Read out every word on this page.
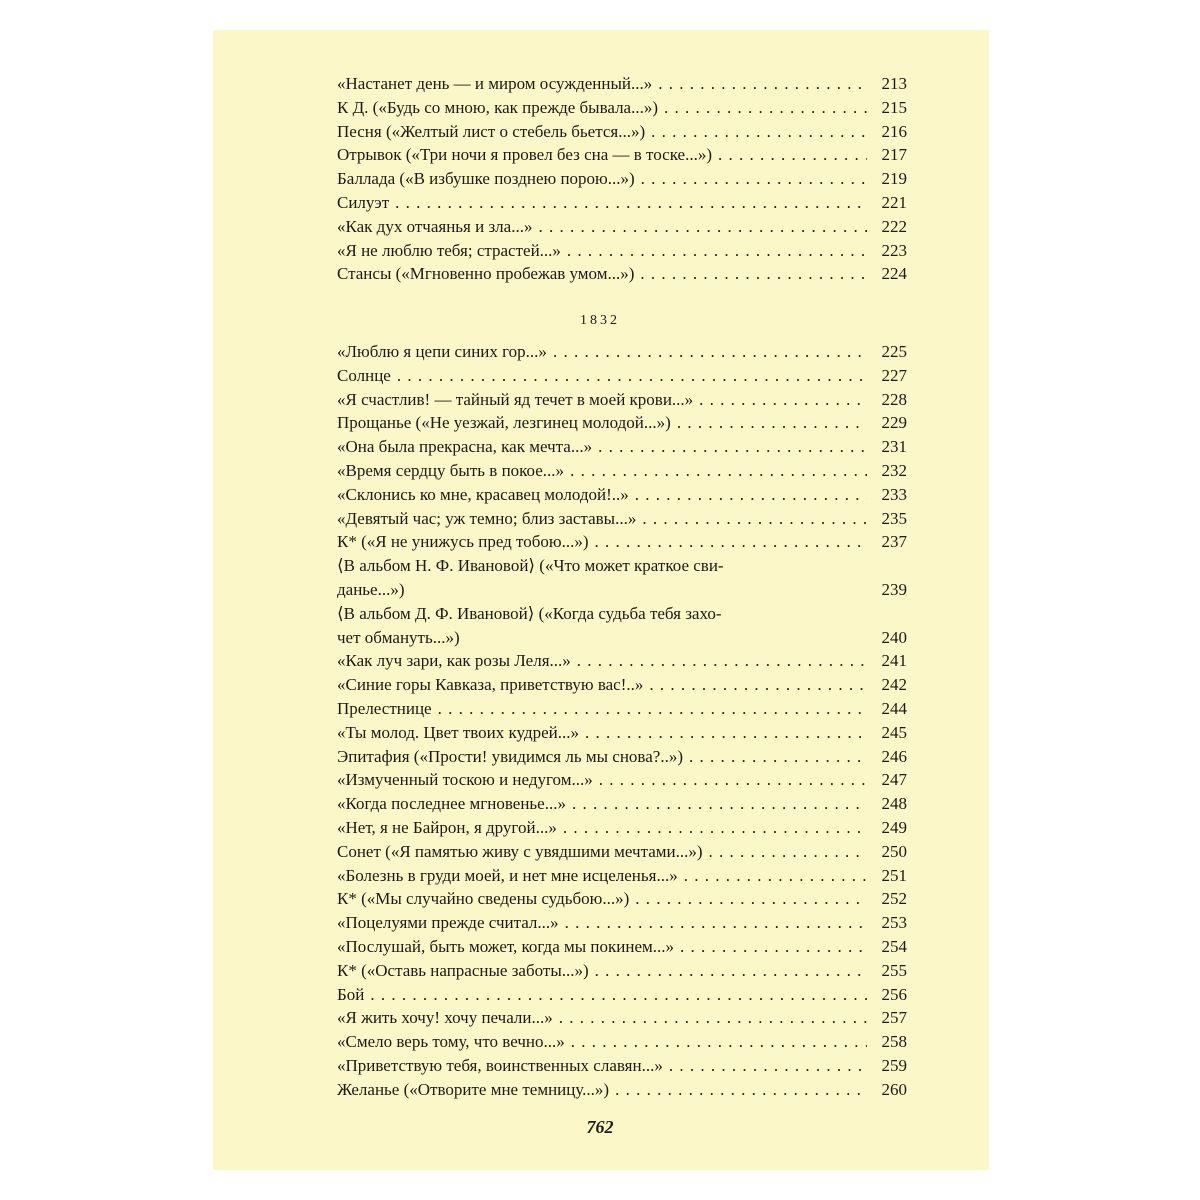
«Настанет день — и миром осужденный...» . . .	213
К Д. («Будь со мною, как прежде бывала...») . . .	215
Песня («Желтый лист о стебель бьется...») . . .	216
Отрывок («Три ночи я провел без сна — в тоске...») . . .	217
Баллада («В избушке позднею порою...») . . .	219
Силуэт . . .	221
«Как дух отчаянья и зла...» . . .	222
«Я не люблю тебя; страстей...» . . .	223
Стансы («Мгновенно пробежав умом...») . . .	224
1832
«Люблю я цепи синих гор...» . . .	225
Солнце . . .	227
«Я счастлив! — тайный яд течет в моей крови...» . . .	228
Прощанье («Не уезжай, лезгинец молодой...») . . .	229
«Она была прекрасна, как мечта...» . . .	231
«Время сердцу быть в покое...» . . .	232
«Склонись ко мне, красавец молодой!..» . . .	233
«Девятый час; уж темно; близ заставы...» . . .	235
К* («Я не унижусь пред тобою...») . . .	237
⟨В альбом Н. Ф. Ивановой⟩ («Что может краткое сви-
данье...»)	239
⟨В альбом Д. Ф. Ивановой⟩ («Когда судьба тебя захо-
чет обмануть...»)	240
«Как луч зари, как розы Леля...» . . .	241
«Синие горы Кавказа, приветствую вас!..» . . .	242
Прелестнице . . .	244
«Ты молод. Цвет твоих кудрей...» . . .	245
Эпитафия («Прости! увидимся ль мы снова?..») . . .	246
«Измученный тоскою и недугом...» . . .	247
«Когда последнее мгновенье...» . . .	248
«Нет, я не Байрон, я другой...» . . .	249
Сонет («Я памятью живу с увядшими мечтами...») . . .	250
«Болезнь в груди моей, и нет мне исцеленья...» . . .	251
К* («Мы случайно сведены судьбою...») . . .	252
«Поцелуями прежде считал...» . . .	253
«Послушай, быть может, когда мы покинем...» . . .	254
К* («Оставь напрасные заботы...») . . .	255
Бой . . .	256
«Я жить хочу! хочу печали...» . . .	257
«Смело верь тому, что вечно...» . . .	258
«Приветствую тебя, воинственных славян...» . . .	259
Желанье («Отворите мне темницу...») . . .	260
762
